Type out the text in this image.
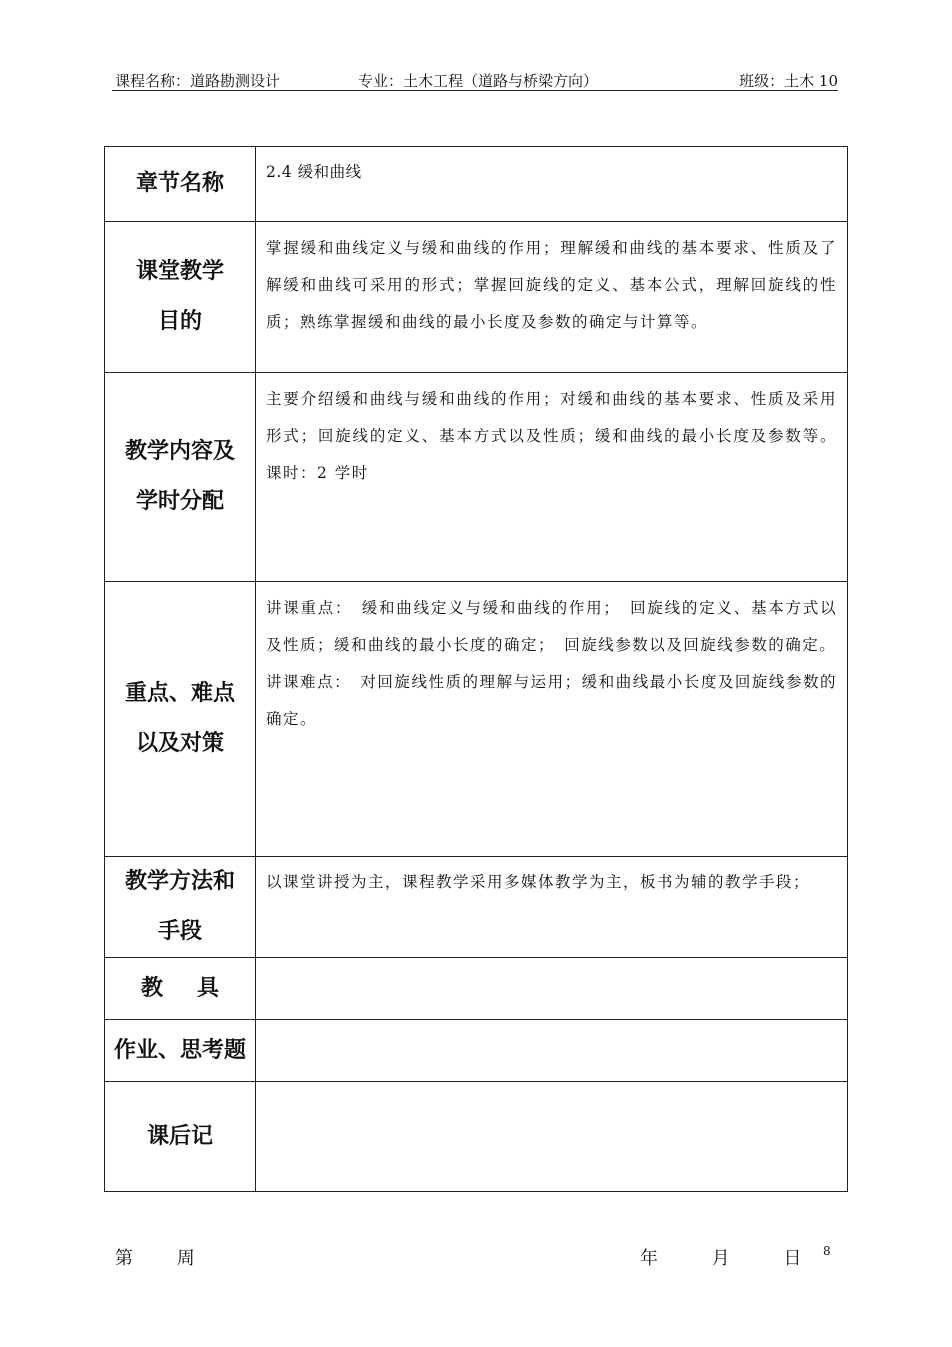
课程名称：道路勘测设计	专业：土木工程（道路与桥梁方向）	班级：土木 10
章节名称	2.4 缓和曲线

课堂教学
目的	掌握缓和曲线定义与缓和曲线的作用；理解缓和曲线的基本要求、性质及了解缓和曲线可采用的形式；掌握回旋线的定义、基本公式，理解回旋线的性质；熟练掌握缓和曲线的最小长度及参数的确定与计算等。

教学内容及
学时分配	主要介绍缓和曲线与缓和曲线的作用；对缓和曲线的基本要求、性质及采用形式；回旋线的定义、基本方式以及性质；缓和曲线的最小长度及参数等。课时：2 学时

重点、难点
以及对策	讲课重点：　缓和曲线定义与缓和曲线的作用；　回旋线的定义、基本方式以及性质；缓和曲线的最小长度的确定；　回旋线参数以及回旋线参数的确定。
讲课难点：　对回旋线性质的理解与运用；缓和曲线最小长度及回旋线参数的确定。

教学方法和
手段	以课堂讲授为主，课程教学采用多媒体教学为主，板书为辅的教学手段；
教具	
作业、思考题	
课后记	
第 周	年	月	日 8
